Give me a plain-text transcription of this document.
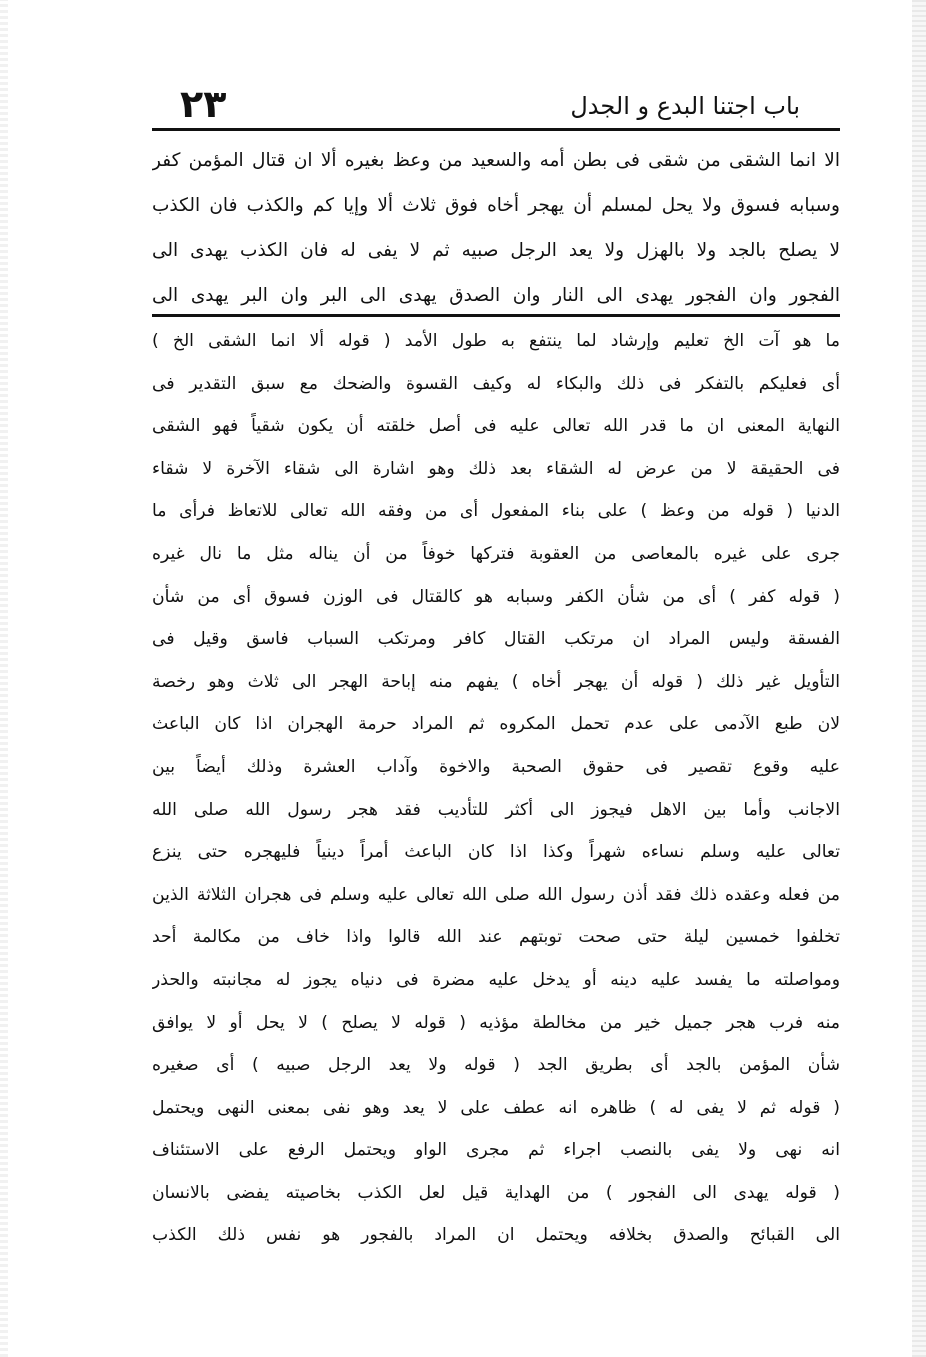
٢٣	باب اجتنا البدع و الجدل
الا انما الشقی من شقی فی بطن أمه والسعید من وعظ بغیره ألا ان قتال المؤمن کفر
وسبابه فسوق ولا یحل لمسلم أن یهجر أخاه فوق ثلاث ألا وإیا کم والکذب فان الکذب
لا یصلح بالجد ولا بالهزل ولا یعد الرجل صبیه ثم لا یفی له فان الکذب یهدی الی
الفجور وان الفجور یهدی الی النار وان الصدق یهدی الی البر وان البر یهدی الی
ما هو آت الخ تعلیم وإرشاد لما ینتفع به طول الأمد ( قوله ألا انما الشقی الخ )
أی فعلیکم بالتفکر فی ذلك والبکاء له وکیف القسوة والضحك مع سبق التقدیر فی
النهایة المعنی ان ما قدر الله تعالی علیه فی أصل خلقته أن یکون شقیاً فهو الشقی
فی الحقیقة لا من عرض له الشقاء بعد ذلك وهو اشارة الی شقاء الآخرة لا شقاء
الدنیا ( قوله من وعظ ) علی بناء المفعول أی من وفقه الله تعالی للاتعاظ فرأی ما
جری علی غیره بالمعاصی من العقوبة فترکها خوفاً من أن یناله مثل ما نال غیره
( قوله کفر ) أی من شأن الکفر وسبابه هو کالقتال فی الوزن فسوق أی من شأن
الفسقة ولیس المراد ان مرتکب القتال کافر ومرتکب السباب فاسق وقیل فی
التأویل غیر ذلك ( قوله أن یهجر أخاه ) یفهم منه إباحة الهجر الی ثلاث وهو رخصة
لان طبع الآدمی علی عدم تحمل المکروه ثم المراد حرمة الهجران اذا کان الباعث
علیه وقوع تقصیر فی حقوق الصحبة والاخوة وآداب العشرة وذلك أیضاً بین
الاجانب وأما بین الاهل فیجوز الی أکثر للتأدیب فقد هجر رسول الله صلی الله
تعالی علیه وسلم نساءه شهراً وکذا اذا کان الباعث أمراً دینیاً فلیهجره حتی ینزع
من فعله وعقده ذلك فقد أذن رسول الله صلی الله تعالی علیه وسلم فی هجران الثلاثة الذین
تخلفوا خمسین لیلة حتی صحت توبتهم عند الله قالوا واذا خاف من مکالمة أحد
ومواصلته ما یفسد علیه دینه أو یدخل علیه مضرة فی دنیاه یجوز له مجانبته والحذر
منه فرب هجر جمیل خیر من مخالطة مؤذیه ( قوله لا یصلح ) لا یحل أو لا یوافق
شأن المؤمن بالجد أی بطریق الجد ( قوله ولا یعد الرجل صبیه ) أی صغیره
( قوله ثم لا یفی له ) ظاهره انه عطف علی لا یعد وهو نفی بمعنی النهی ویحتمل
انه نهی ولا یفی بالنصب اجراء ثم مجری الواو ویحتمل الرفع علی الاستئناف
( قوله یهدی الی الفجور ) من الهدایة قیل لعل الکذب بخاصیته یفضی بالانسان
الی القبائح والصدق بخلافه ویحتمل ان المراد بالفجور هو نفس ذلك الکذب
